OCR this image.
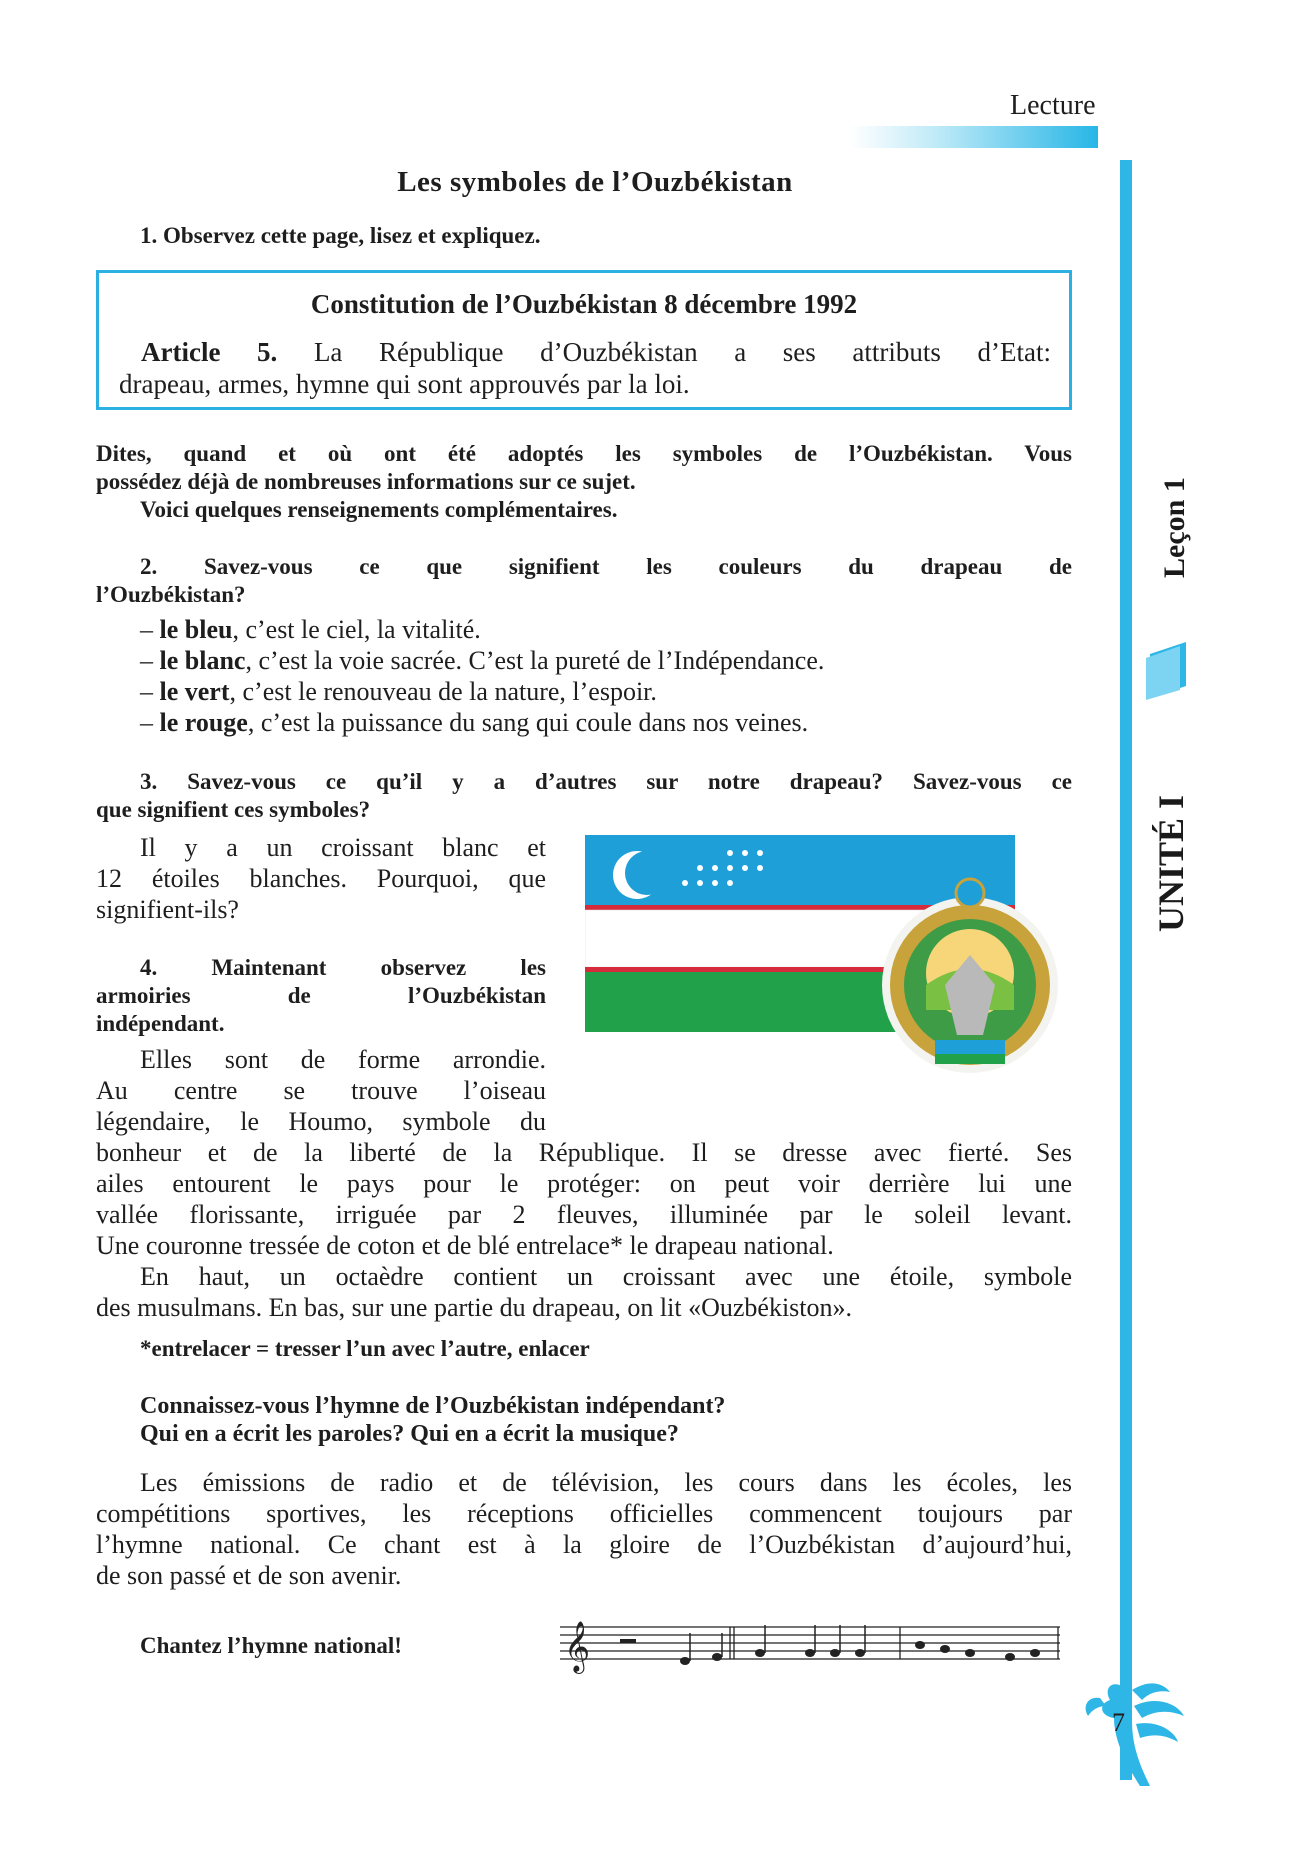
Lecture
Leçon 1
UNITÉ I
7
Les symboles de l’Ouzbékistan
1. Observez cette page, lisez et expliquez.
Constitution de l’Ouzbékistan 8 décembre 1992
Article 5. La République d’Ouzbékistan a ses attributs d’Etat:
drapeau, armes, hymne qui sont approuvés par la loi.
Dites, quand et où ont été adoptés les symboles de l’Ouzbékistan. Vous
possédez déjà de nombreuses informations sur ce sujet.
Voici quelques renseignements complémentaires.
2. Savez-vous ce que signifient les couleurs du drapeau de
l’Ouzbékistan?
– le bleu, c’est le ciel, la vitalité.
– le blanc, c’est la voie sacrée. C’est la pureté de l’Indépendance.
– le vert, c’est le renouveau de la nature, l’espoir.
– le rouge, c’est la puissance du sang qui coule dans nos veines.
3. Savez-vous ce qu’il y a d’autres sur notre drapeau? Savez-vous ce
que signifient ces symboles?
Il y a un croissant blanc et
12 étoiles blanches. Pourquoi, que
signifient-ils?
4. Maintenant observez les
armoiries de l’Ouzbékistan
indépendant.
Elles sont de forme arrondie.
Au centre se trouve l’oiseau
légendaire, le Houmo, symbole du
bonheur et de la liberté de la République. Il se dresse avec fierté. Ses
ailes entourent le pays pour le protéger: on peut voir derrière lui une
vallée florissante, irriguée par 2 fleuves, illuminée par le soleil levant.
Une couronne tressée de coton et de blé entrelace* le drapeau national.
En haut, un octaèdre contient un croissant avec une étoile, symbole
des musulmans. En bas, sur une partie du drapeau, on lit «Ouzbékiston».
*entrelacer = tresser l’un avec l’autre, enlacer
Connaissez-vous l’hymne de l’Ouzbékistan indépendant?
Qui en a écrit les paroles? Qui en a écrit la musique?
Les émissions de radio et de télévision, les cours dans les écoles, les
compétitions sportives, les réceptions officielles commencent toujours par
l’hymne national. Ce chant est à la gloire de l’Ouzbékistan d’aujourd’hui,
de son passé et de son avenir.
Chantez l’hymne national!	𝄞
